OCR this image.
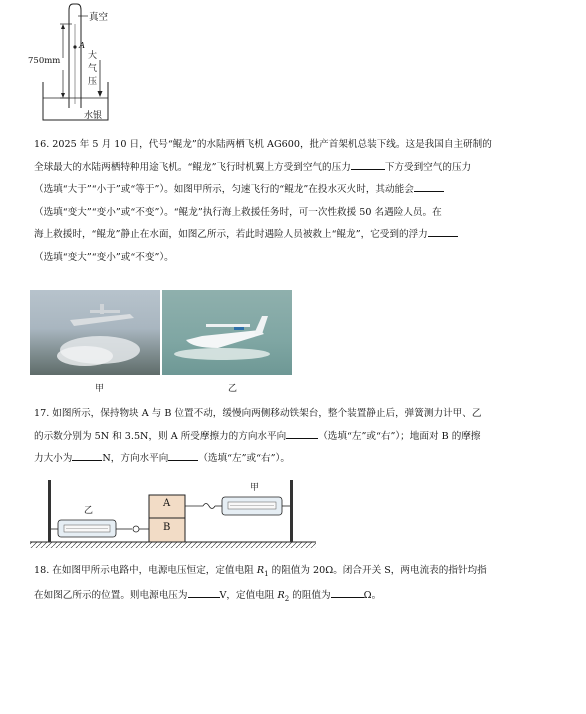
真空
A
750mm	大气压
水银
16. 2025 年 5 月 10 日，代号“鲲龙”的水陆两栖飞机 AG600，批产首架机总装下线。这是我国自主研制的
全球最大的水陆两栖特种用途飞机。“鲲龙”飞行时机翼上方受到空气的压力	下方受到空气的压力
（选填“大于”“小于”或“等于”）。如图甲所示，匀速飞行的“鲲龙”在投水灭火时，其动能会
（选填“变大”“变小”或“不变”）。“鲲龙”执行海上救援任务时，可一次性救援 50 名遇险人员。在
海上救援时，“鲲龙”静止在水面，如图乙所示，若此时遇险人员被救上“鲲龙”，它受到的浮力
（选填“变大”“变小”或“不变”）。
甲	乙
17. 如图所示，保持物块 A 与 B 位置不动，缓慢向两侧移动铁架台，整个装置静止后，弹簧测力计甲、乙
的示数分别为 5N 和 3.5N，则 A 所受摩擦力的方向水平向	（选填“左”或“右”）；地面对 B 的摩擦
力大小为	N，方向水平向	（选填“左”或“右”）。
A
B
甲
乙
18. 在如图甲所示电路中，电源电压恒定，定值电阻 $R_1$ 的阻值为 20Ω。闭合开关 S，两电流表的指针均指
在如图乙所示的位置。则电源电压为	V，定值电阻 $R_2$ 的阻值为	Ω。
